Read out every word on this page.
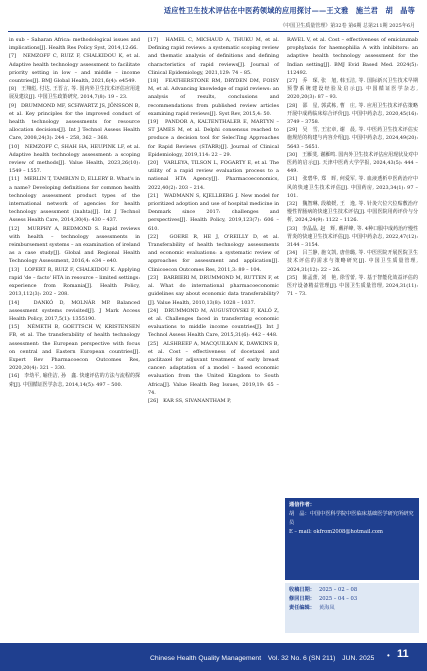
适应性卫生技术评估在中医药领域的应用探讨——王文雅　施兰君　胡　晶等
《中国卫生质量管理》第32卷 第6期 总第211期 2025年6月

in sub – Saharan Africa: methodological issues and implications[J]. Health Res Policy Syst, 2014,12:66.

[7]　NEMZOFF C, RUIZ F, CHALKIDOU K, et al. Adaptive health technology assessment to facilitate priority setting in low – and middle – income countries[J]. BMJ Global Health, 2021,6(4): e4549.

[8]　王翔彪, 付达, 王晋言, 等. 国内外卫生技术评估应用进展及建议[J]. 中国卫生政策研究, 2014,7(8): 19 – 23.

[9]　DRUMMOND MF, SCHWARTZ JS, JÖNSSON B, et al. Key principles for the improved conduct of health technology assessments for resource allocation decisions[J]. Int J Technol Assess Health Care, 2008,24(3): 244 – 258, 362 – 368.

[10]　NEMZOFF C, SHAH HA, HEUPINK LF, et al. Adaptive health technology assessment: a scoping review of methods[J]. Value Health, 2023,26(10): 1549 – 1557.

[11]　MERLIN T, TAMBLYN D, ELLERY B. What's in a name? Developing definitions for common health technology assessment product types of the international network of agencies for health technology assessment (inahta)[J]. Int J Technol Assess Health Care, 2014,30(4): 430 – 437.

[12]　MURPHY A, REDMOND S. Rapid reviews with health – technology assessments in reimbursement systems – an examination of ireland as a case study[J]. Global and Regional Health Technology Assessment, 2016,4: e34 – e40.

[13]　LOPERT R, RUIZ F, CHALKIDOU K. Applying rapid 'de – facto' HTA in resource – limited settings: experience from Romania[J]. Health Policy, 2013,112(3): 202 – 208.

[14]　DANKÓ D, MOLNÁR MP. Balanced assessment systems revisited[J]. J Mark Access Health Policy, 2017,5(1): 1355190.

[15]　NÉMETH B, GOETTSCH W, KRISTENSEN FB, et al. The transferability of health technology assessment: the European perspective with focus on central and Eastern European countries[J]. Expert Rev Pharmacoecon Outcomes Res, 2020,20(4): 321 – 330.

[16]　李幼平, 喻佳洁, 孙　鑫. 快速评估的方法与流程的探索[J]. 中国循证医学杂志, 2014,14(5): 497 – 500.

[17]　HAMEL C, MICHAUD A, THUKU M, et al. Defining rapid reviews: a systematic scoping review and thematic analysis of definitions and defining characteristics of rapid reviews[J]. Journal of Clinical Epidemiology, 2021,129: 74 – 85.

[18]　FEATHERSTONE RM, DRYDEN DM, FOISY M, et al. Advancing knowledge of rapid reviews: an analysis of results, conclusions and recommendations from published review articles examining rapid reviews[J]. Syst Rev, 2015,4: 50.

[19]　PANDOR A, KALTENTHALER E, MARTYN – ST JAMES M, et al. Delphi consensus reached to produce a decision tool for SelecTing Approaches for Rapid Reviews (STARR)[J]. Journal of Clinical Epidemiology, 2019,114: 22 – 29.

[20]　VARLEYA, TILSON L, FOGARTY E, et al. The utility of a rapid review evaluation process to a national HTA Agency[J]. Pharmacoeconomics, 2022,40(2): 203 – 214.

[21]　WADMANN S, KJELLBERG J. New model for prioritized adoption and use of hospital medicine in Denmark since 2017: challenges and perspectives[J]. Health Policy, 2019,123(7): 606 – 610.

[22]　GOERE R, HE J, O'REILLY D, et al. Transferability of health technology assessments and economic evaluations: a systematic review of approaches for assessment and application[J]. Clinicoecon Outcomes Res, 2011,3: 89 – 104.

[23]　BARBIERI M, DRUMMOND M, RUTTEN F, et al. What do international pharmacoeconomic guidelines say about economic data transferability?[J]. Value Health, 2010,13(8): 1028 – 1037.

[24]　DRUMMOND M, AUGUSTOVSKI F, KALÓ Z, et al. Challenges faced in transferring economic evaluations to middle income countries[J]. Int J Technol Assess Health Care, 2015,31(6): 442 – 448.

[25]　ALSHREEF A, MACQUILKAN K, DAWKINS B, et al. Cost – effectiveness of docetaxel and paclitaxel for adjuvant treatment of early breast cancer: adaptation of a model – based economic evaluation from the United Kingdom to South Africa[J]. Value Health Reg Issues, 2019,19: 65 – 74.

[26]　KAR SS, SIVANANTHAM P,

RAVEL V, et al. Cost – effectiveness of emicizumab prophylaxis for haemophilia A with inhibitors: an adaptive health technology assessment for the Indian setting[J]. BMJ Evid Based Med. 2024(5): 112492.

[27]　乔　琛, 张　旭, 韩玉洁, 等. 国际新兴卫生技术早期预警系统建设经验及启示[J]. 中国循证医学杂志, 2020,20(3): 87 – 93.

[28]　邵　星, 郭武栋, 曹　庄, 等. 应用卫生技术评估策略开展中成药临床综合评价[J]. 中国中药杂志, 2020,45(16): 3749 – 3758.

[29]　吴　雪, 王宏章, 谢　晨, 等. 中医药卫生技术评估实施规范的构建与内容介绍[J]. 中国中药杂志, 2024,49(20): 5643 – 5651.

[30]　王雁斐, 谢雁鸣. 国内外卫生技术评估应用现状及对中医药的启示[J]. 天津中医药大学学报, 2024,43(5): 444 – 449.

[31]　张碧华, 郑　晖, 何爱军, 等. 血液透析中医药治疗中风的快速卫生技术评估[J]. 中国药房, 2023,34(1): 97 – 101.

[32]　魏智琳, 段敏媛, 王　逸, 等. 针灸穴位穴位贴敷治疗慢性胃肠病的快速卫生技术评估[J]. 中国医院用药评价与分析, 2024,24(9): 1122 – 1126.

[33]　李晶晶, 赵　辉, 戴祥峰, 等. 4种口服中成药治疗慢性胃炎的快速卫生技术评估[J]. 中国中药杂志, 2022,47(12): 3144 – 3154.

[34]　吕兰静, 施文凯, 唐佳璐, 等. 中医医院开展医院卫生技术评估的需求与策略研究[J]. 中国卫生质量管理, 2024,31(12): 22 – 26.

[35]　陈孟蕾, 刘　艳, 徐雪蕾, 等. 基于智能化效益评估的医疗设备精益管理[J]. 中国卫生质量管理, 2024,31(11): 71 – 73.

通信作者：
胡　晶：中国中医科学院中医临床基础医学研究所研究员
E – mail: okfrom2008@hotmail.com
收稿日期： 2025 – 02 – 08
修回日期： 2025 – 04 – 03
责任编辑： 黄海凤
Chinese Health Quality Management　Vol. 32 No. 6 (SN 211)　JUN. 2025 • 11
